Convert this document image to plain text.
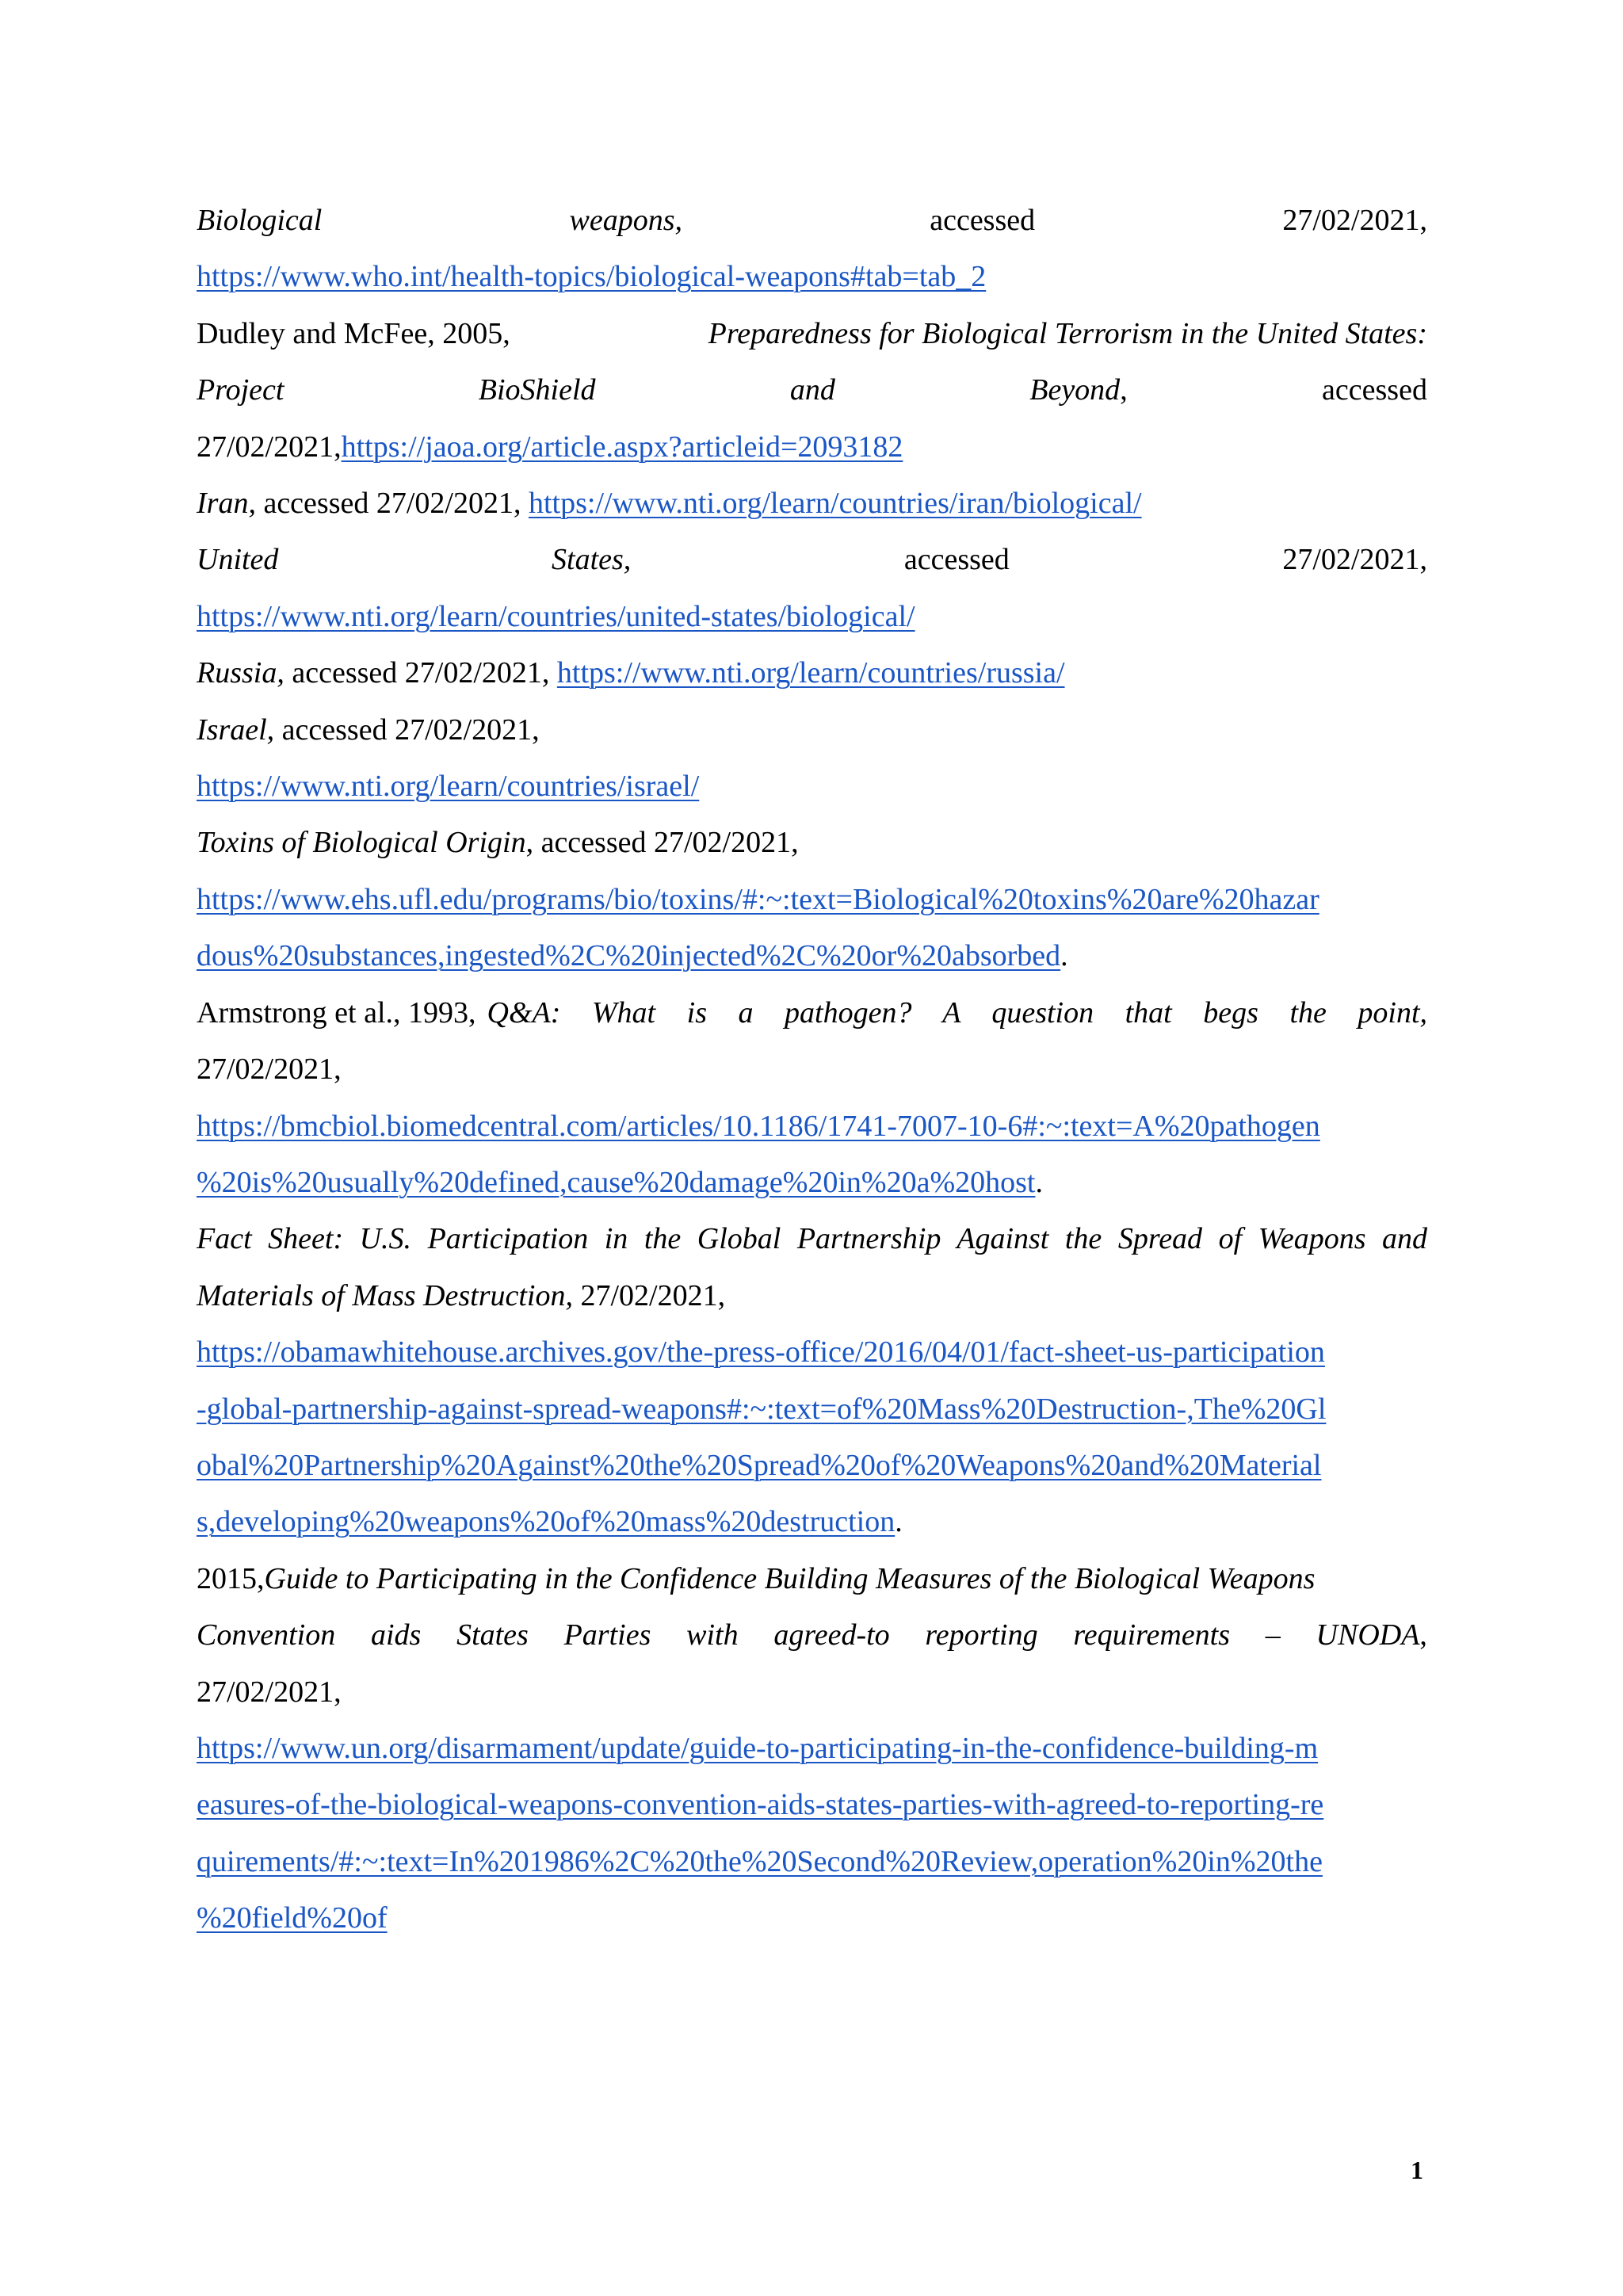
Biological	weapons,	accessed	27/02/2021,
https://www.who.int/health-topics/biological-weapons#tab=tab_2
Dudley and McFee, 2005,	Preparedness for Biological Terrorism in the United States:
Project	BioShield	and	Beyond,	accessed
27/02/2021,https://jaoa.org/article.aspx?articleid=2093182
Iran, accessed 27/02/2021, https://www.nti.org/learn/countries/iran/biological/
United	States,	accessed	27/02/2021,
https://www.nti.org/learn/countries/united-states/biological/
Russia, accessed 27/02/2021, https://www.nti.org/learn/countries/russia/
Israel, accessed 27/02/2021,
https://www.nti.org/learn/countries/israel/
Toxins of Biological Origin, accessed 27/02/2021,
https://www.ehs.ufl.edu/programs/bio/toxins/#:~:text=Biological%20toxins%20are%20hazar
dous%20substances,ingested%2C%20injected%2C%20or%20absorbed.
Armstrong et al., 1993, Q&A: What is a pathogen? A question that begs the point,
27/02/2021,
https://bmcbiol.biomedcentral.com/articles/10.1186/1741-7007-10-6#:~:text=A%20pathogen
%20is%20usually%20defined,cause%20damage%20in%20a%20host.
Fact Sheet: U.S. Participation in the Global Partnership Against the Spread of Weapons and
Materials of Mass Destruction, 27/02/2021,
https://obamawhitehouse.archives.gov/the-press-office/2016/04/01/fact-sheet-us-participation
-global-partnership-against-spread-weapons#:~:text=of%20Mass%20Destruction-,The%20Gl
obal%20Partnership%20Against%20the%20Spread%20of%20Weapons%20and%20Material
s,developing%20weapons%20of%20mass%20destruction.
2015,Guide to Participating in the Confidence Building Measures of the Biological Weapons
Convention aids States Parties with agreed-to reporting requirements – UNODA,
27/02/2021,
https://www.un.org/disarmament/update/guide-to-participating-in-the-confidence-building-m
easures-of-the-biological-weapons-convention-aids-states-parties-with-agreed-to-reporting-re
quirements/#:~:text=In%201986%2C%20the%20Second%20Review,operation%20in%20the
%20field%20of
1
